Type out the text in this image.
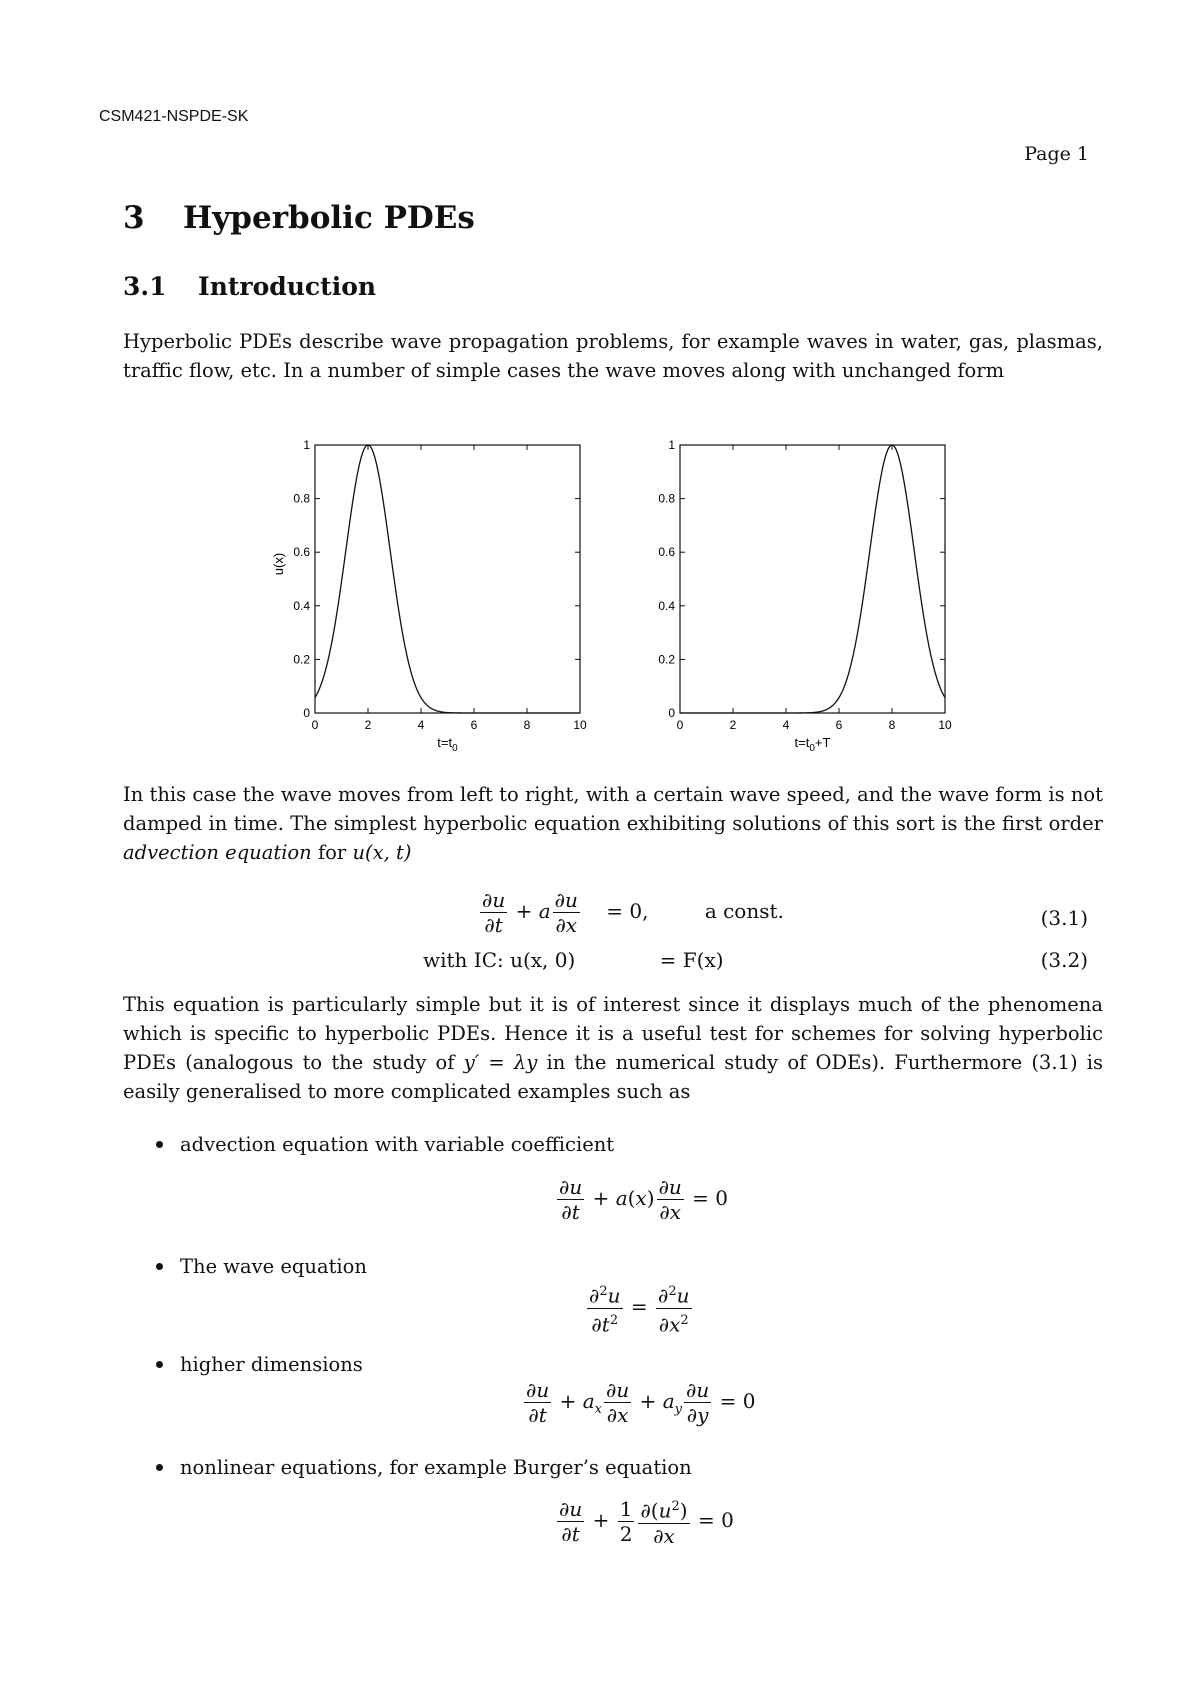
CSM421-NSPDE-SK
Page 1
3 Hyperbolic PDEs
3.1 Introduction
Hyperbolic PDEs describe wave propagation problems, for example waves in water, gas, plasmas, traffic flow, etc. In a number of simple cases the wave moves along with unchanged form
0	2	4	6	8	10
0
0.2
0.4
0.6
0.8
1
$t=t_0$
u(x)
0	2	4	6	8	10
0
0.2
0.4
0.6
0.8
1
$t=t_0+T$
In this case the wave moves from left to right, with a certain wave speed, and the wave form is not damped in time. The simplest hyperbolic equation exhibiting solutions of this sort is the first order advection equation for u(x, t)
$\frac{\partial u}{\partial t} + a \frac{\partial u}{\partial x} = 0$,	a const.	(3.1)
with IC: u(x, 0)	= F(x)	(3.2)
This equation is particularly simple but it is of interest since it displays much of the phenomena which is specific to hyperbolic PDEs. Hence it is a useful test for schemes for solving hyperbolic PDEs (analogous to the study of y′ = λy in the numerical study of ODEs). Furthermore (3.1) is easily generalised to more complicated examples such as
advection equation with variable coefficient
$\frac{\partial u}{\partial t} + a(x) \frac{\partial u}{\partial x} = 0$
The wave equation
$\frac{\partial^2u}{\partial t^2} = \frac{\partial^2u}{\partial x^2}$
higher dimensions
$\frac{\partial u}{\partial t} + a_x \frac{\partial u}{\partial x} + a_y \frac{\partial u}{\partial y} = 0$
nonlinear equations, for example Burger’s equation
$\frac{\partial u}{\partial t} + \frac{1}{2} \frac{\partial(u^2)}{\partial x} = 0$
